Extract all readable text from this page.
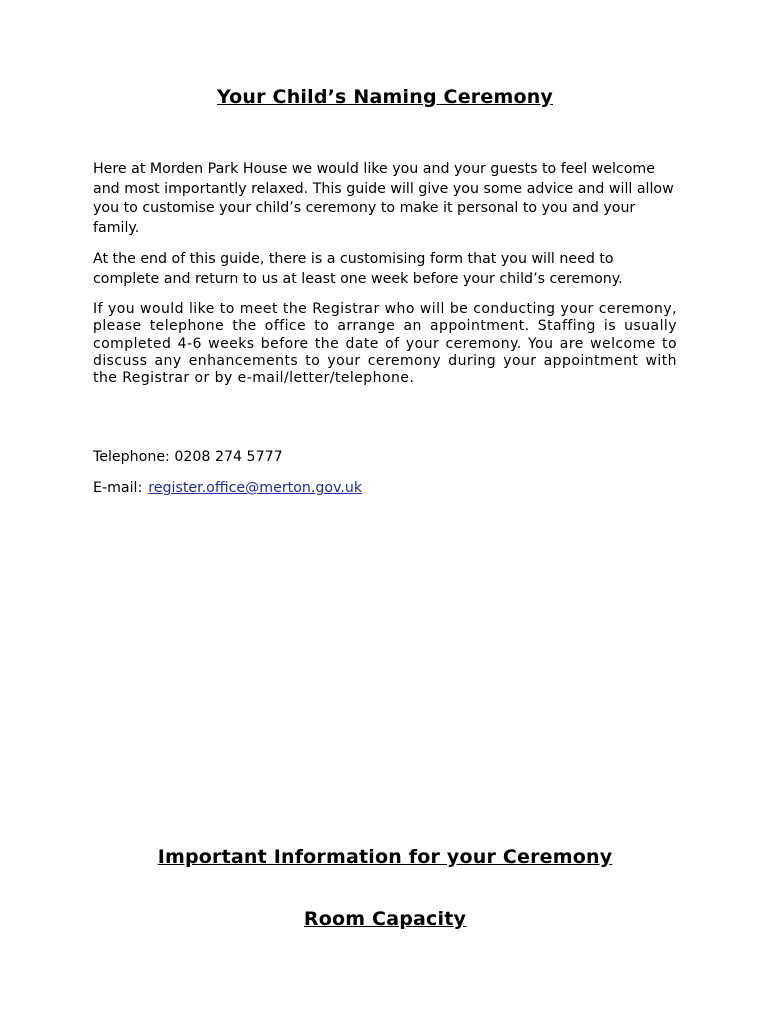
Your Child’s Naming Ceremony

Here at Morden Park House we would like you and your guests to feel welcome and most importantly relaxed. This guide will give you some advice and will allow you to customise your child’s ceremony to make it personal to you and your family.

At the end of this guide, there is a customising form that you will need to complete and return to us at least one week before your child’s ceremony.

If you would like to meet the Registrar who will be conducting your ceremony, please telephone the office to arrange an appointment. Staffing is usually completed 4-6 weeks before the date of your ceremony. You are welcome to discuss any enhancements to your ceremony during your appointment with the Registrar or by e-mail/letter/telephone.

Telephone: 0208 274 5777

E-mail: register.office@merton.gov.uk

Important Information for your Ceremony
Room Capacity
